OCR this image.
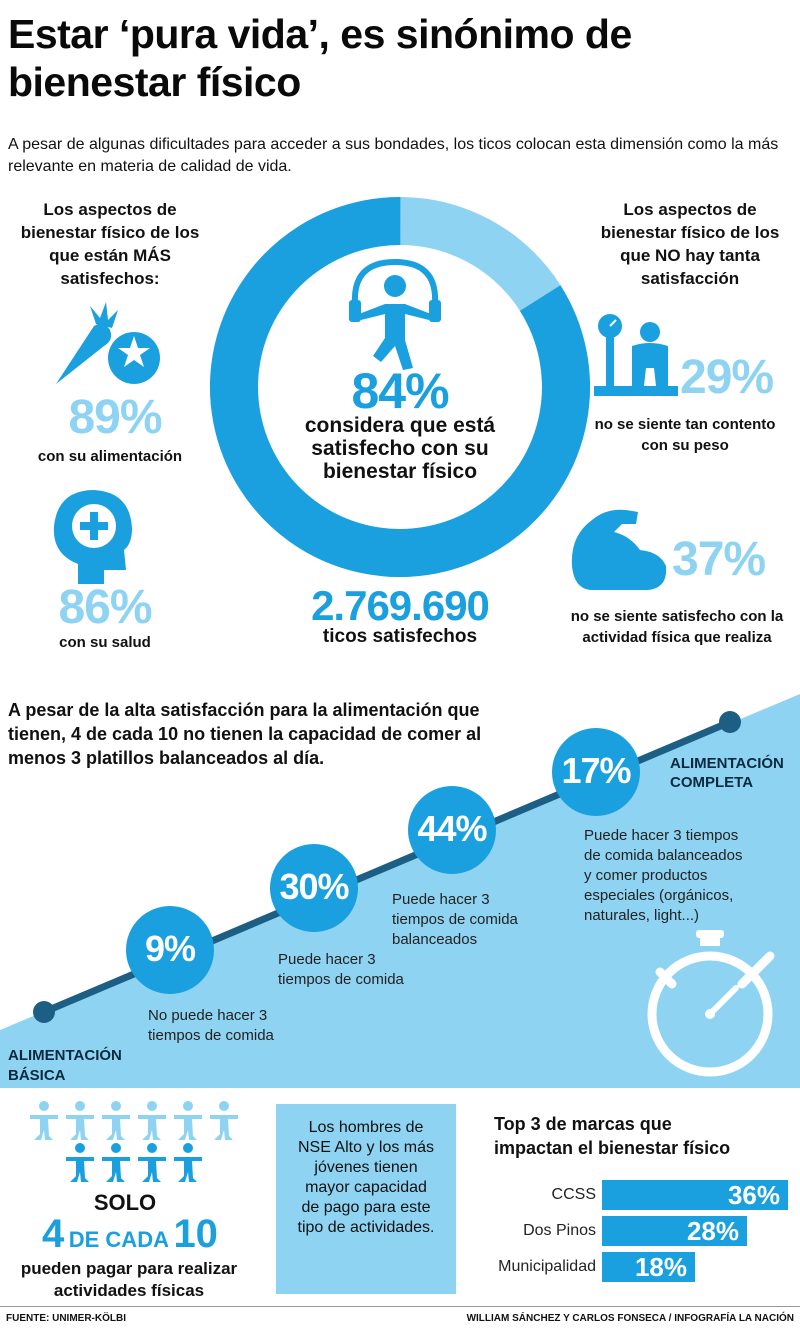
Estar ‘pura vida’, es sinónimo de bienestar físico
A pesar de algunas dificultades para acceder a sus bondades, los ticos colocan esta dimensión como la más relevante en materia de calidad de vida.
Los aspectos de bienestar físico de los que están MÁS satisfechos:
89%
con su alimentación
86%
con su salud
84%
considera que está satisfecho con su bienestar físico
2.769.690
ticos satisfechos
Los aspectos de bienestar físico de los que NO hay tanta satisfacción
29%
no se siente tan contento con su peso
37%
no se siente satisfecho con la actividad física que realiza
A pesar de la alta satisfacción para la alimentación que tienen, 4 de cada 10 no tienen la capacidad de comer al menos 3 platillos balanceados al día.
9%
30%
44%
17%
No puede hacer 3 tiempos de comida
Puede hacer 3 tiempos de comida
Puede hacer 3 tiempos de comida balanceados
Puede hacer 3 tiempos de comida balanceados y comer productos especiales (orgánicos, naturales, light...)
ALIMENTACIÓN BÁSICA
ALIMENTACIÓN COMPLETA
SOLO
4 DE CADA 10
pueden pagar para realizar actividades físicas
Los hombres de NSE Alto y los más jóvenes tienen mayor capacidad de pago para este tipo de actividades.
Top 3 de marcas que impactan el bienestar físico
CCSS	36%
Dos Pinos	28%
Municipalidad	18%
FUENTE: UNIMER-KÖLBI	WILLIAM SÁNCHEZ Y CARLOS FONSECA / INFOGRAFÍA LA NACIÓN
